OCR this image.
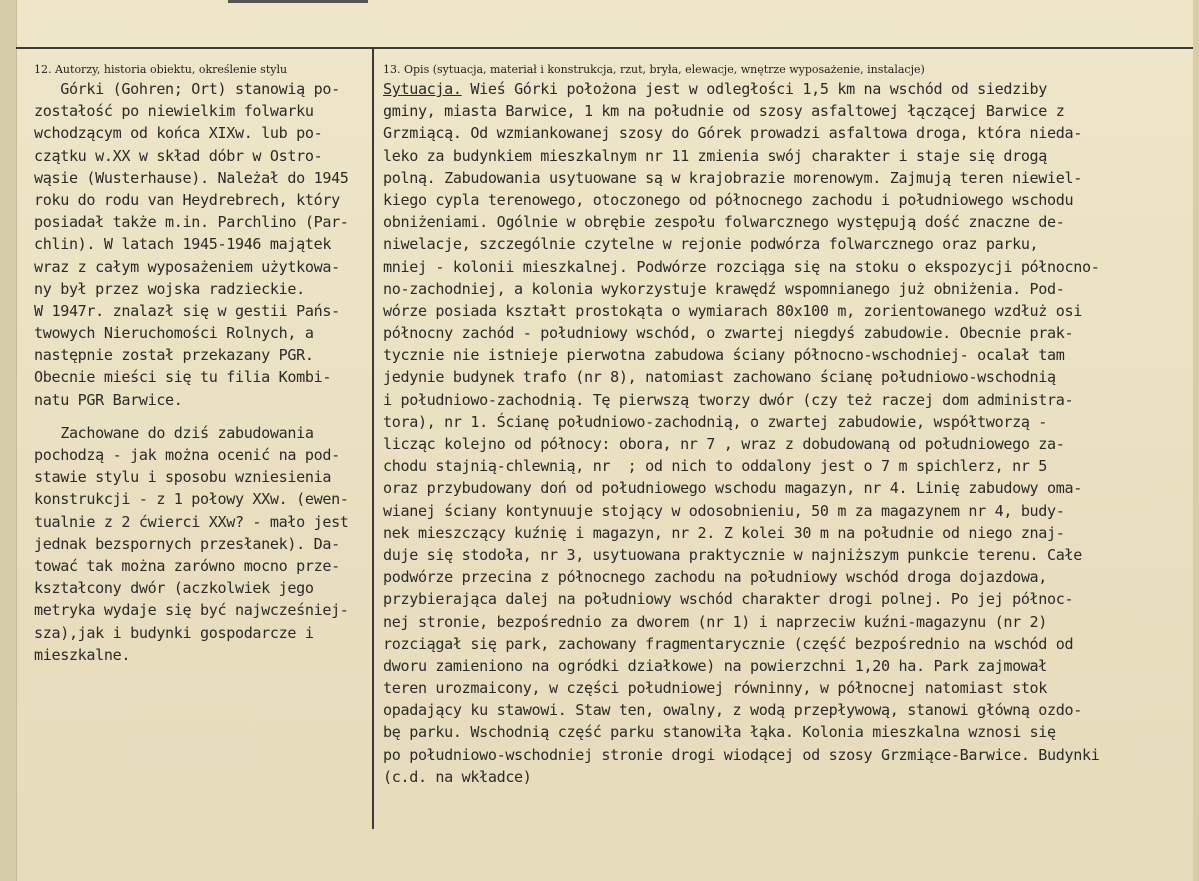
12. Autorzy, historia obiektu, określenie stylu	13. Opis (sytuacja, materiał i konstrukcja, rzut, bryła, elewacje, wnętrze wyposażenie, instalacje)
Górki (Gohren; Ort) stanowią po-
zostałość po niewielkim folwarku
wchodzącym od końca XIXw. lub po-
czątku w.XX w skład dóbr w Ostro-
wąsie (Wusterhause). Należał do 1945
roku do rodu van Heydrebrech, który
posiadał także m.in. Parchlino (Par-
chlin). W latach 1945-1946 majątek
wraz z całym wyposażeniem użytkowa-
ny był przez wojska radzieckie.
W 1947r. znalazł się w gestii Pańs-
twowych Nieruchomości Rolnych, a
następnie został przekazany PGR.
Obecnie mieści się tu filia Kombi-
natu PGR Barwice.
Zachowane do dziś zabudowania
pochodzą - jak można ocenić na pod-
stawie stylu i sposobu wzniesienia
konstrukcji - z 1 połowy XXw. (ewen-
tualnie z 2 ćwierci XXw? - mało jest
jednak bezspornych przesłanek). Da-
tować tak można zarówno mocno prze-
kształcony dwór (aczkolwiek jego
metryka wydaje się być najwcześniej-
sza),jak i budynki gospodarcze i
mieszkalne.
Sytuacja. Wieś Górki położona jest w odległości 1,5 km na wschód od siedziby
gminy, miasta Barwice, 1 km na południe od szosy asfaltowej łączącej Barwice z
Grzmiącą. Od wzmiankowanej szosy do Górek prowadzi asfaltowa droga, która nieda-
leko za budynkiem mieszkalnym nr 11 zmienia swój charakter i staje się drogą
polną. Zabudowania usytuowane są w krajobrazie morenowym. Zajmują teren niewiel-
kiego cypla terenowego, otoczonego od północnego zachodu i południowego wschodu
obniżeniami. Ogólnie w obrębie zespołu folwarcznego występują dość znaczne de-
niwelacje, szczególnie czytelne w rejonie podwórza folwarcznego oraz parku,
mniej - kolonii mieszkalnej. Podwórze rozciąga się na stoku o ekspozycji północno-
no-zachodniej, a kolonia wykorzystuje krawędź wspomnianego już obniżenia. Pod-
wórze posiada kształt prostokąta o wymiarach 80x100 m, zorientowanego wzdłuż osi
północny zachód - południowy wschód, o zwartej niegdyś zabudowie. Obecnie prak-
tycznie nie istnieje pierwotna zabudowa ściany północno-wschodniej- ocalał tam
jedynie budynek trafo (nr 8), natomiast zachowano ścianę południowo-wschodnią
i południowo-zachodnią. Tę pierwszą tworzy dwór (czy też raczej dom administra-
tora), nr 1. Ścianę południowo-zachodnią, o zwartej zabudowie, współtworzą -
licząc kolejno od północy: obora, nr 7 , wraz z dobudowaną od południowego za-
chodu stajnią-chlewnią, nr  ; od nich to oddalony jest o 7 m spichlerz, nr 5
oraz przybudowany doń od południowego wschodu magazyn, nr 4. Linię zabudowy oma-
wianej ściany kontynuuje stojący w odosobnieniu, 50 m za magazynem nr 4, budy-
nek mieszczący kuźnię i magazyn, nr 2. Z kolei 30 m na południe od niego znaj-
duje się stodoła, nr 3, usytuowana praktycznie w najniższym punkcie terenu. Całe
podwórze przecina z północnego zachodu na południowy wschód droga dojazdowa,
przybierająca dalej na południowy wschód charakter drogi polnej. Po jej północ-
nej stronie, bezpośrednio za dworem (nr 1) i naprzeciw kuźni-magazynu (nr 2)
rozciągał się park, zachowany fragmentarycznie (część bezpośrednio na wschód od
dworu zamieniono na ogródki działkowe) na powierzchni 1,20 ha. Park zajmował
teren urozmaicony, w części południowej równinny, w północnej natomiast stok
opadający ku stawowi. Staw ten, owalny, z wodą przepływową, stanowi główną ozdo-
bę parku. Wschodnią część parku stanowiła łąka. Kolonia mieszkalna wznosi się
po południowo-wschodniej stronie drogi wiodącej od szosy Grzmiące-Barwice. Budynki
(c.d. na wkładce)
